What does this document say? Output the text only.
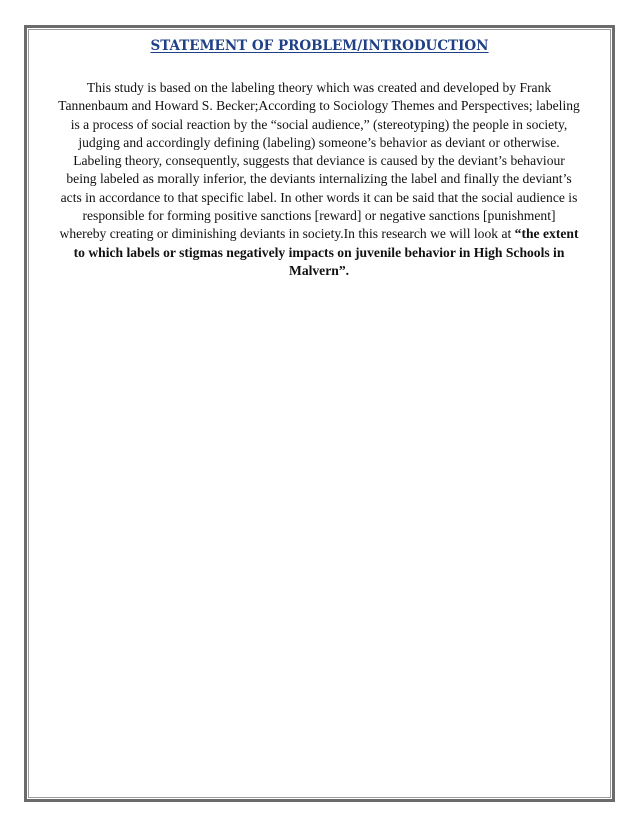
STATEMENT OF PROBLEM/INTRODUCTION
This study is based on the labeling theory which was created and developed by Frank Tannenbaum and Howard S. Becker;According to Sociology Themes and Perspectives; labeling is a process of social reaction by the “social audience,” (stereotyping) the people in society, judging and accordingly defining (labeling) someone’s behavior as deviant or otherwise. Labeling theory, consequently, suggests that deviance is caused by the deviant’s behaviour being labeled as morally inferior, the deviants internalizing the label and finally the deviant’s acts in accordance to that specific label. In other words it can be said that the social audience is responsible for forming positive sanctions [reward] or negative sanctions [punishment] whereby creating or diminishing deviants in society.In this research we will look at “the extent to which labels or stigmas negatively impacts on juvenile behavior in High Schools in Malvern”.
